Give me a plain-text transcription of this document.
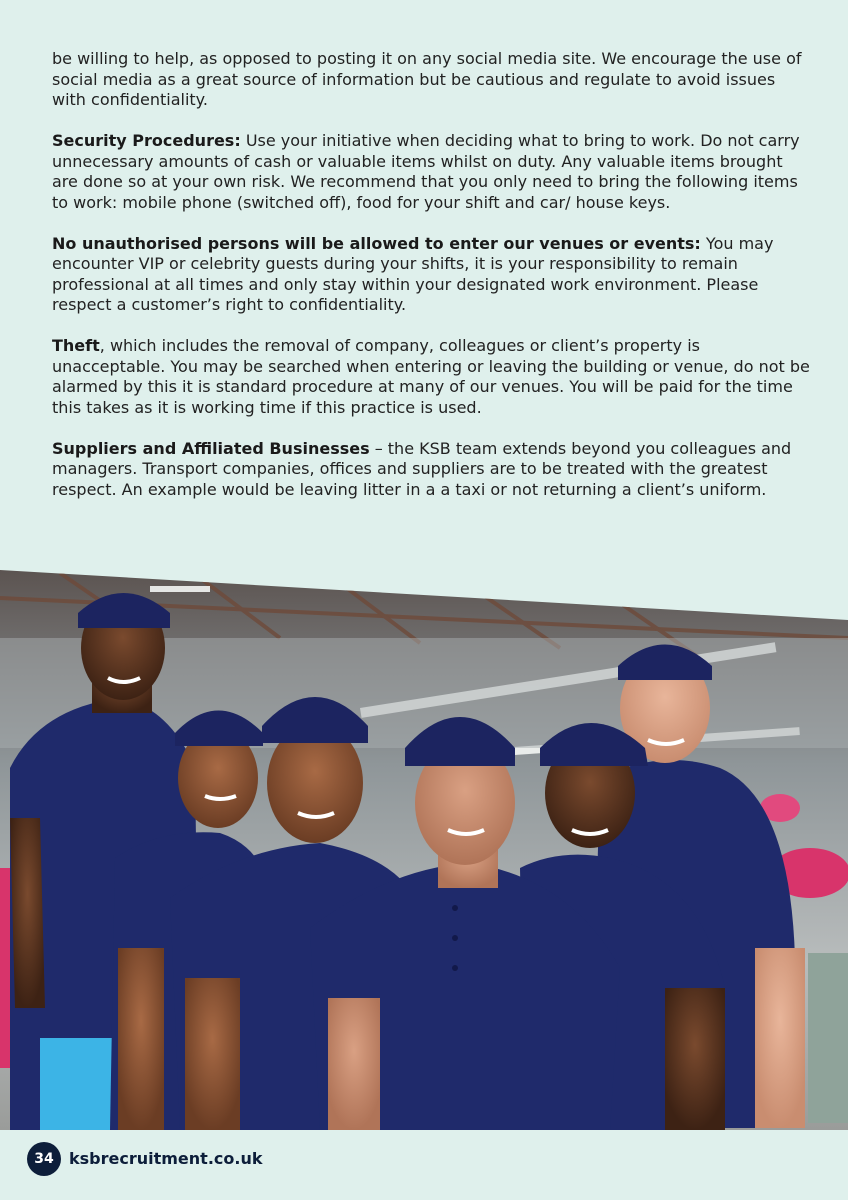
be willing to help, as opposed to posting it on any social media site. We encourage the use of social media as a great source of information but be cautious and regulate to avoid issues with confidentiality.

Security Procedures: Use your initiative when deciding what to bring to work. Do not carry unnecessary amounts of cash or valuable items whilst on duty. Any valuable items brought are done so at your own risk. We recommend that you only need to bring the following items to work: mobile phone (switched off), food for your shift and car/ house keys.

No unauthorised persons will be allowed to enter our venues or events: You may encounter VIP or celebrity guests during your shifts, it is your responsibility to remain professional at all times and only stay within your designated work environment. Please respect a customer’s right to confidentiality.

Theft, which includes the removal of company, colleagues or client’s property is unacceptable. You may be searched when entering or leaving the building or venue, do not be alarmed by this it is standard procedure at many of our venues. You will be paid for the time this takes as it is working time if this practice is used.

Suppliers and Affiliated Businesses – the KSB team extends beyond you colleagues and managers. Transport companies, offices and suppliers are to be treated with the greatest respect. An example would be leaving litter in a a taxi or not returning a client’s uniform.

34 ksbrecruitment.co.uk
